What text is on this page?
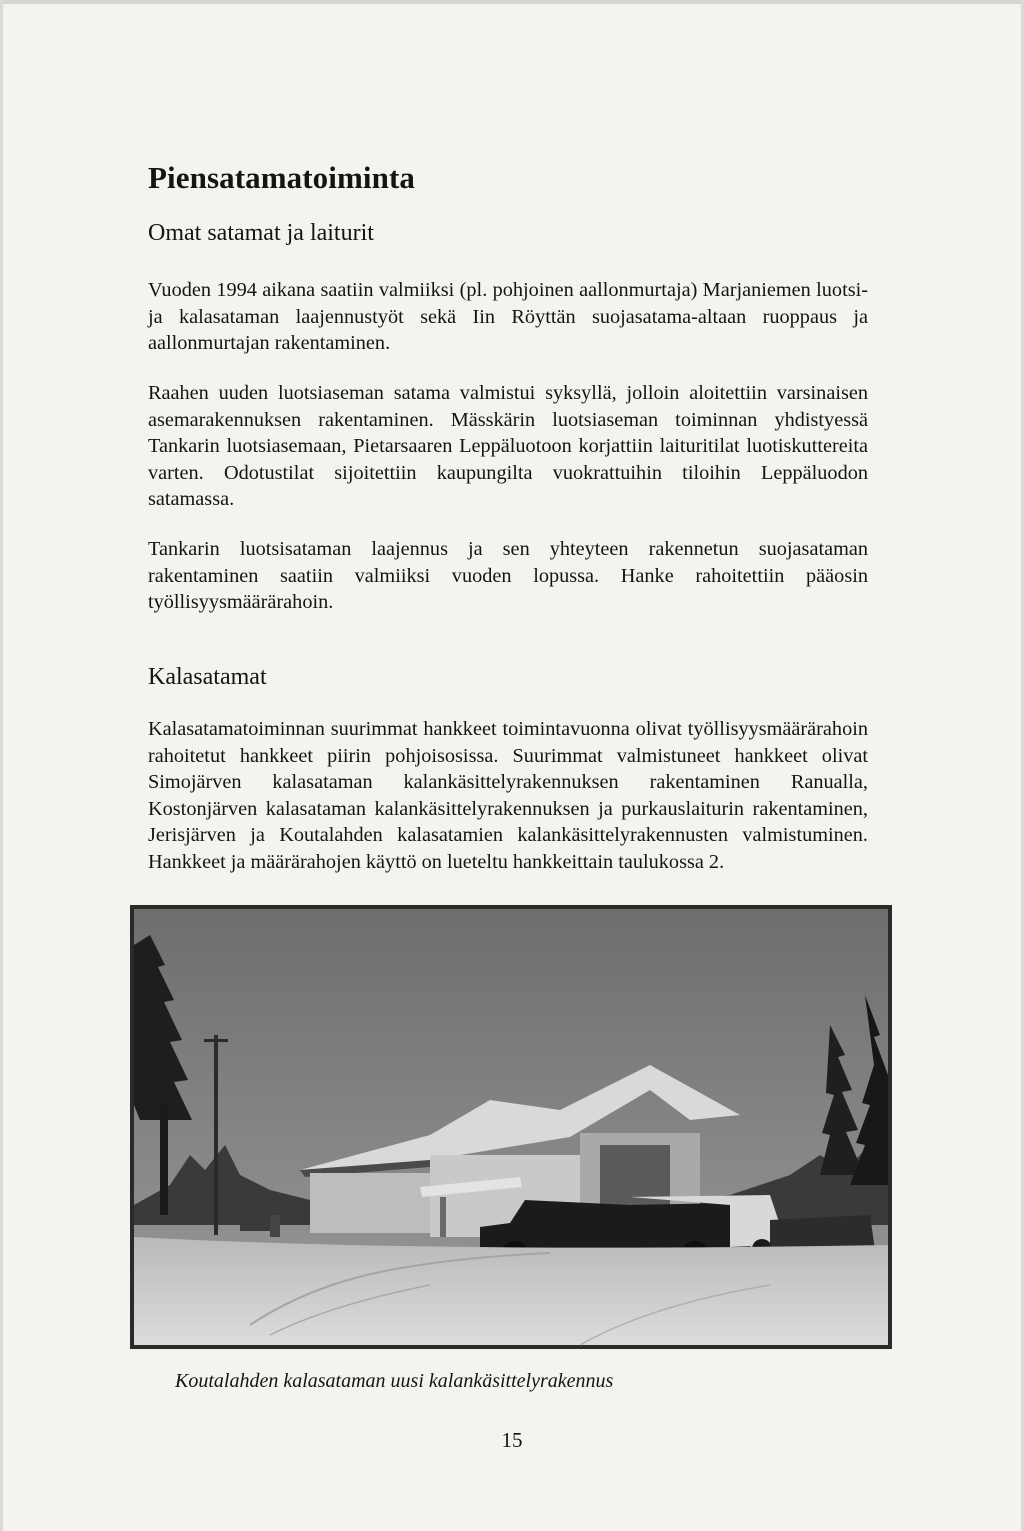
Piensatamatoiminta
Omat satamat ja laiturit

Vuoden 1994 aikana saatiin valmiiksi (pl. pohjoinen aallonmurtaja) Marjaniemen luotsi- ja kalasataman laajennustyöt sekä Iin Röyttän suojasatama-altaan ruoppaus ja aallonmurtajan rakentaminen.

Raahen uuden luotsiaseman satama valmistui syksyllä, jolloin aloitettiin varsinaisen asemarakennuksen rakentaminen. Mässkärin luotsiaseman toiminnan yhdistyessä Tankarin luotsiasemaan, Pietarsaaren Leppäluotoon korjattiin laituritilat luotiskuttereita varten. Odotustilat sijoitettiin kaupungilta vuokrattuihin tiloihin Leppäluodon satamassa.

Tankarin luotsisataman laajennus ja sen yhteyteen rakennetun suojasataman rakentaminen saatiin valmiiksi vuoden lopussa. Hanke rahoitettiin pääosin työllisyysmäärärahoin.

Kalasatamat

Kalasatamatoiminnan suurimmat hankkeet toimintavuonna olivat työllisyysmäärärahoin rahoitetut hankkeet piirin pohjoisosissa. Suurimmat valmistuneet hankkeet olivat Simojärven kalasataman kalankäsittelyrakennuksen rakentaminen Ranualla, Kostonjärven kalasataman kalankäsittelyrakennuksen ja purkauslaiturin rakentaminen, Jerisjärven ja Koutalahden kalasatamien kalankäsittelyrakennusten valmistuminen. Hankkeet ja määrärahojen käyttö on lueteltu hankkeittain taulukossa 2.

Koutalahden kalasataman uusi kalankäsittelyrakennus

15
